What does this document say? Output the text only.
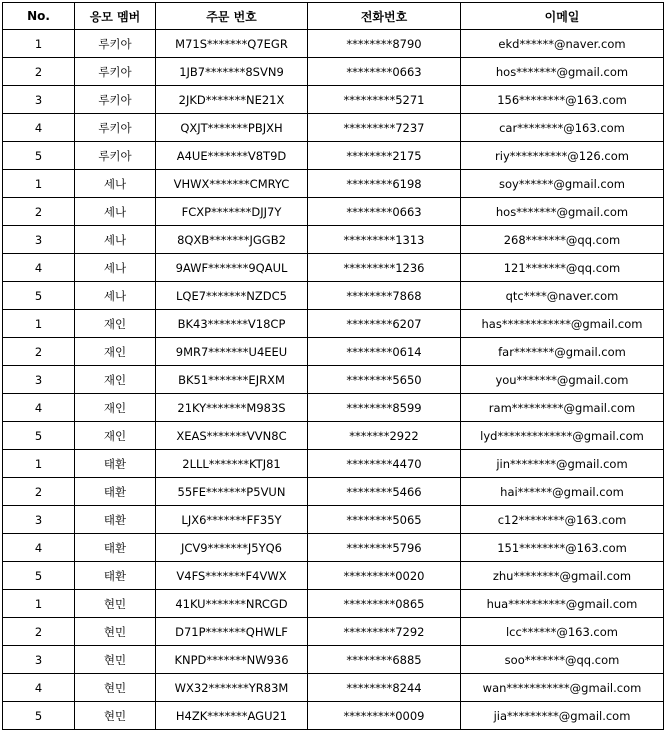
No.	응모 멤버	주문 번호	전화번호	이메일
1	루키아	M71S*******Q7EGR	********8790	ekd******@naver.com
2	루키아	1JB7*******8SVN9	********0663	hos*******@gmail.com
3	루키아	2JKD*******NE21X	*********5271	156********@163.com
4	루키아	QXJT*******PBJXH	*********7237	car********@163.com
5	루키아	A4UE*******V8T9D	********2175	riy**********@126.com
1	세나	VHWX*******CMRYC	********6198	soy******@gmail.com
2	세나	FCXP*******DJJ7Y	********0663	hos*******@gmail.com
3	세나	8QXB*******JGGB2	*********1313	268*******@qq.com
4	세나	9AWF*******9QAUL	*********1236	121*******@qq.com
5	세나	LQE7*******NZDC5	********7868	qtc****@naver.com
1	재인	BK43*******V18CP	********6207	has************@gmail.com
2	재인	9MR7*******U4EEU	********0614	far*******@gmail.com
3	재인	BK51*******EJRXM	********5650	you*******@gmail.com
4	재인	21KY*******M983S	********8599	ram*********@gmail.com
5	재인	XEAS*******VVN8C	*******2922	lyd*************@gmail.com
1	태환	2LLL*******KTJ81	********4470	jin********@gmail.com
2	태환	55FE*******P5VUN	********5466	hai******@gmail.com
3	태환	LJX6*******FF35Y	********5065	c12********@163.com
4	태환	JCV9*******J5YQ6	********5796	151********@163.com
5	태환	V4FS*******F4VWX	*********0020	zhu********@gmail.com
1	현민	41KU*******NRCGD	*********0865	hua**********@gmail.com
2	현민	D71P*******QHWLF	*********7292	lcc******@163.com
3	현민	KNPD*******NW936	********6885	soo*******@qq.com
4	현민	WX32*******YR83M	********8244	wan***********@gmail.com
5	현민	H4ZK*******AGU21	*********0009	jia*********@gmail.com
